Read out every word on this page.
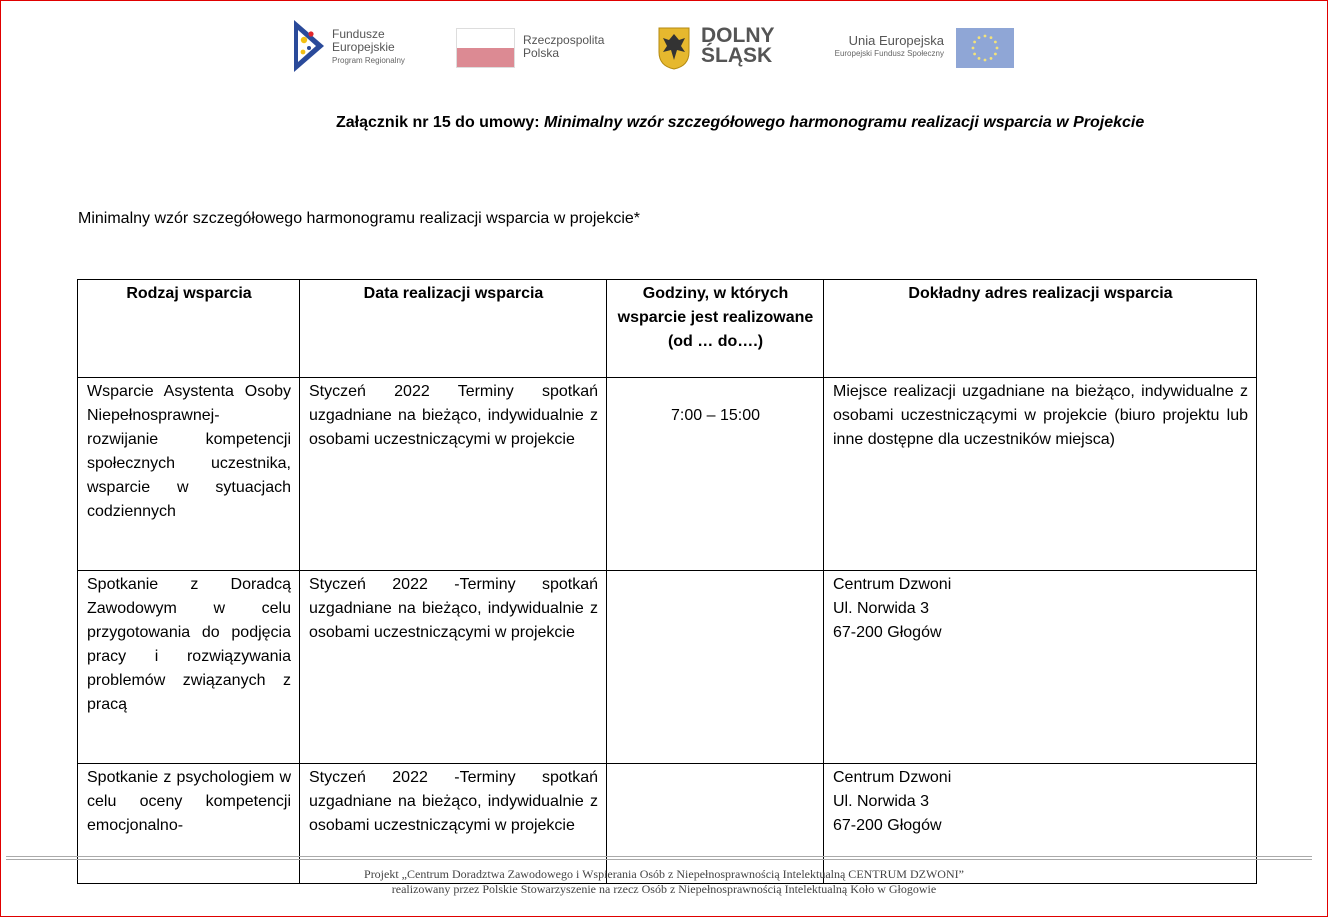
Fundusze
Europejskie
Program Regionalny
Rzeczpospolita
Polska
DOLNY
ŚLĄSK
Unia Europejska
Europejski Fundusz Społeczny
Załącznik nr 15 do umowy: Minimalny wzór szczegółowego harmonogramu realizacji wsparcia w Projekcie
Minimalny wzór szczegółowego harmonogramu realizacji wsparcia w projekcie*
Rodzaj wsparcia	Data realizacji wsparcia	Godziny, w których wsparcie jest realizowane (od … do….)	Dokładny adres realizacji wsparcia
Wsparcie Asystenta Osoby Niepełnosprawnej- rozwijanie kompetencji społecznych uczestnika, wsparcie w sytuacjach codziennych	Styczeń 2022 Terminy spotkań uzgadniane na bieżąco, indywidualnie z osobami uczestniczącymi w projekcie	7:00 – 15:00	Miejsce realizacji uzgadniane na bieżąco, indywidualne z osobami uczestniczącymi w projekcie (biuro projektu lub inne dostępne dla uczestników miejsca)
Spotkanie z Doradcą Zawodowym w celu przygotowania do podjęcia pracy i rozwiązywania problemów związanych z pracą	Styczeń 2022 -Terminy spotkań uzgadniane na bieżąco, indywidualnie z osobami uczestniczącymi w projekcie		Centrum Dzwoni
Ul. Norwida 3
67-200 Głogów

Spotkanie z psychologiem w celu oceny kompetencji emocjonalno-	Styczeń 2022 -Terminy spotkań uzgadniane na bieżąco, indywidualnie z osobami uczestniczącymi w projekcie		Centrum Dzwoni
Ul. Norwida 3
67-200 Głogów
Projekt „Centrum Doradztwa Zawodowego i Wspierania Osób z Niepełnosprawnością Intelektualną CENTRUM DZWONI”
realizowany przez Polskie Stowarzyszenie na rzecz Osób z Niepełnosprawnością Intelektualną Koło w Głogowie
